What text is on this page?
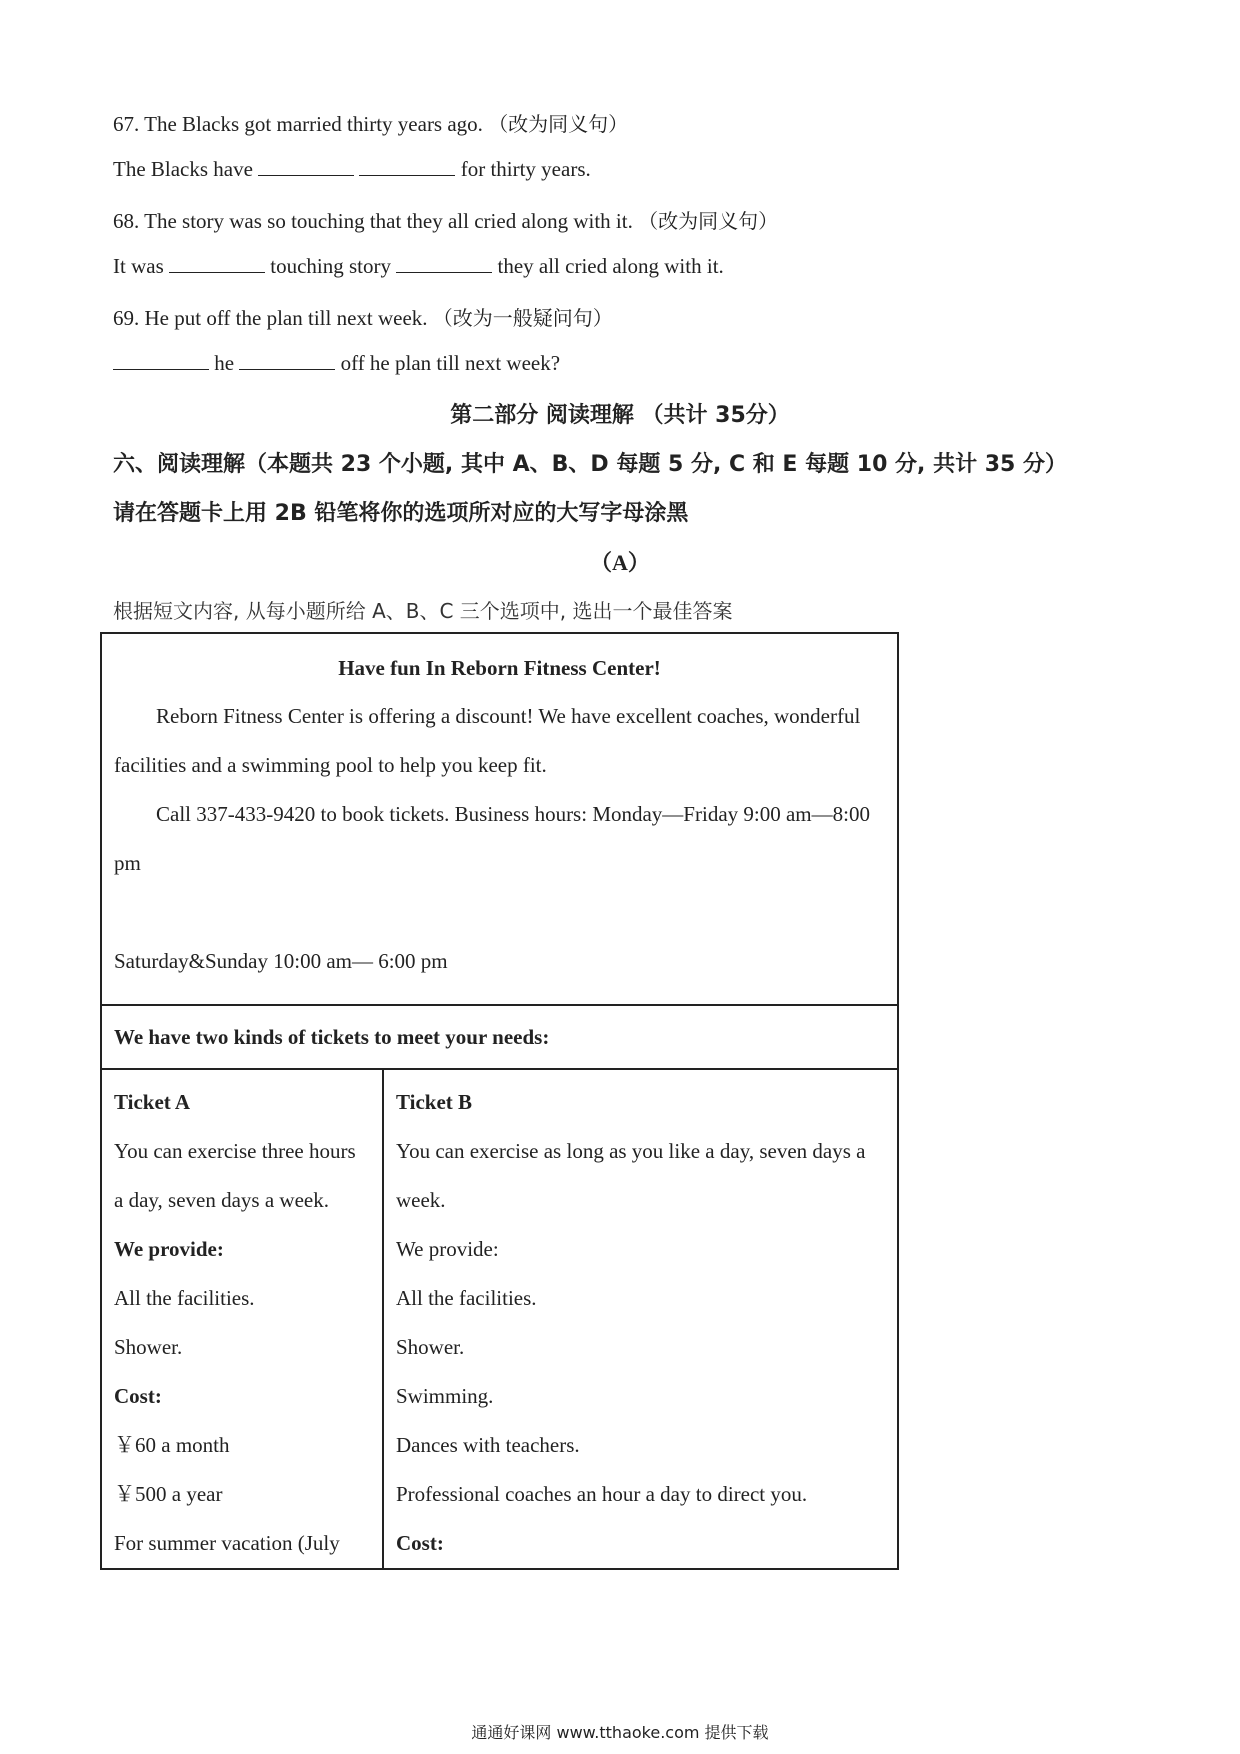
67. The Blacks got married thirty years ago. （改为同义句）
The Blacks have	for thirty years.
68. The story was so touching that they all cried along with it. （改为同义句）
It was	touching story	they all cried along with it.
69. He put off the plan till next week. （改为一般疑问句）
he	off he plan till next week?
第二部分 阅读理解 （共计 35分）
六、阅读理解（本题共 23 个小题, 其中 A、B、D 每题 5 分, C 和 E 每题 10 分, 共计 35 分）
请在答题卡上用 2B 铅笔将你的选项所对应的大写字母涂黑
（A）
根据短文内容, 从每小题所给 A、B、C 三个选项中, 选出一个最佳答案
Have fun In Reborn Fitness Center!

Reborn Fitness Center is offering a discount! We have excellent coaches, wonderful facilities and a swimming pool to help you keep fit.

Call 337-433-9420 to book tickets. Business hours: Monday—Friday 9:00 am—8:00 pm

Saturday&Sunday 10:00 am— 6:00 pm

We have two kinds of tickets to meet your needs:

Ticket A
You can exercise three hours a day, seven days a week.
We provide:
All the facilities.
Shower.
Cost:
￥60 a month
￥500 a year
For summer vacation (July

Ticket B
You can exercise as long as you like a day, seven days a week.
We provide:
All the facilities.
Shower.
Swimming.
Dances with teachers.
Professional coaches an hour a day to direct you.
Cost:
通通好课网 www.tthaoke.com 提供下载
